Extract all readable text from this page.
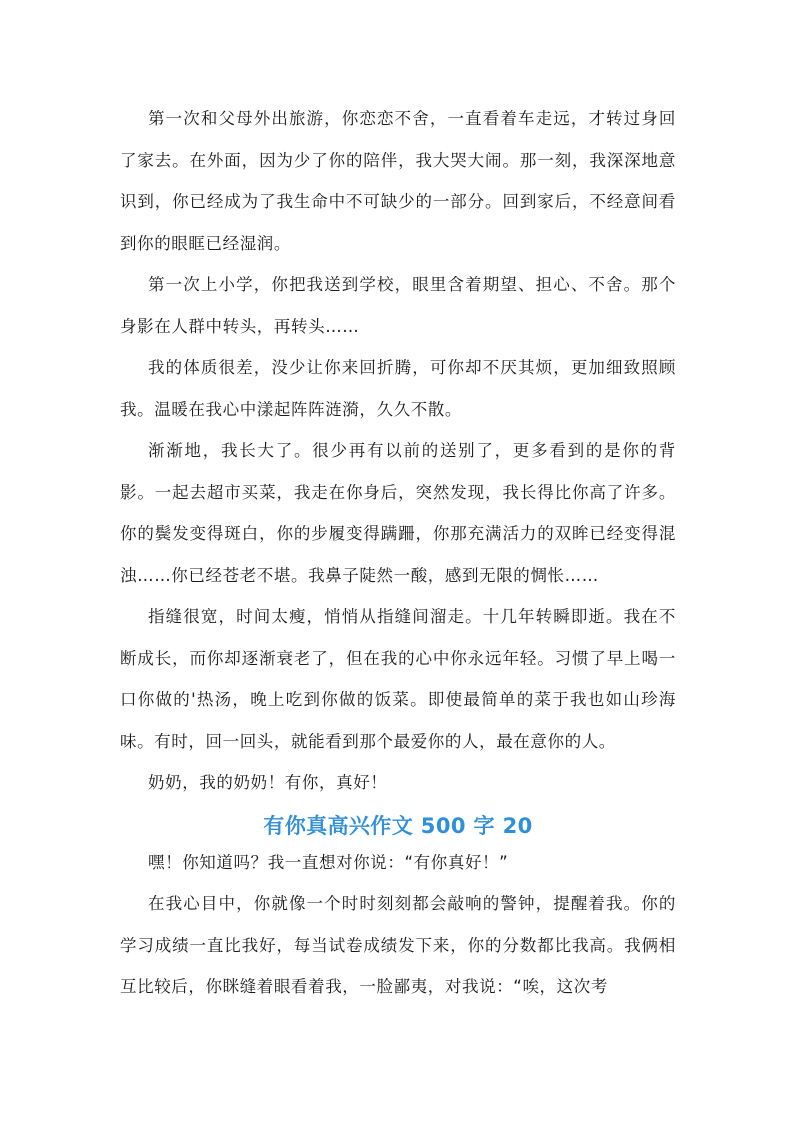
第一次和父母外出旅游，你恋恋不舍，一直看着车走远，才转过身回了家去。在外面，因为少了你的陪伴，我大哭大闹。那一刻，我深深地意识到，你已经成为了我生命中不可缺少的一部分。回到家后，不经意间看到你的眼眶已经湿润。

第一次上小学，你把我送到学校，眼里含着期望、担心、不舍。那个身影在人群中转头，再转头……

我的体质很差，没少让你来回折腾，可你却不厌其烦，更加细致照顾我。温暖在我心中漾起阵阵涟漪，久久不散。

渐渐地，我长大了。很少再有以前的送别了，更多看到的是你的背影。一起去超市买菜，我走在你身后，突然发现，我长得比你高了许多。你的鬓发变得斑白，你的步履变得蹒跚，你那充满活力的双眸已经变得混浊……你已经苍老不堪。我鼻子陡然一酸，感到无限的惆怅……

指缝很宽，时间太瘦，悄悄从指缝间溜走。十几年转瞬即逝。我在不断成长，而你却逐渐衰老了，但在我的心中你永远年轻。习惯了早上喝一口你做的'热汤，晚上吃到你做的饭菜。即使最简单的菜于我也如山珍海味。有时，回一回头，就能看到那个最爱你的人，最在意你的人。

奶奶，我的奶奶！有你，真好！

有你真高兴作文 500 字 20

嘿！你知道吗？我一直想对你说：“有你真好！”

在我心目中，你就像一个时时刻刻都会敲响的警钟，提醒着我。你的学习成绩一直比我好，每当试卷成绩发下来，你的分数都比我高。我俩相互比较后，你眯缝着眼看着我，一脸鄙夷，对我说：“唉，这次考
